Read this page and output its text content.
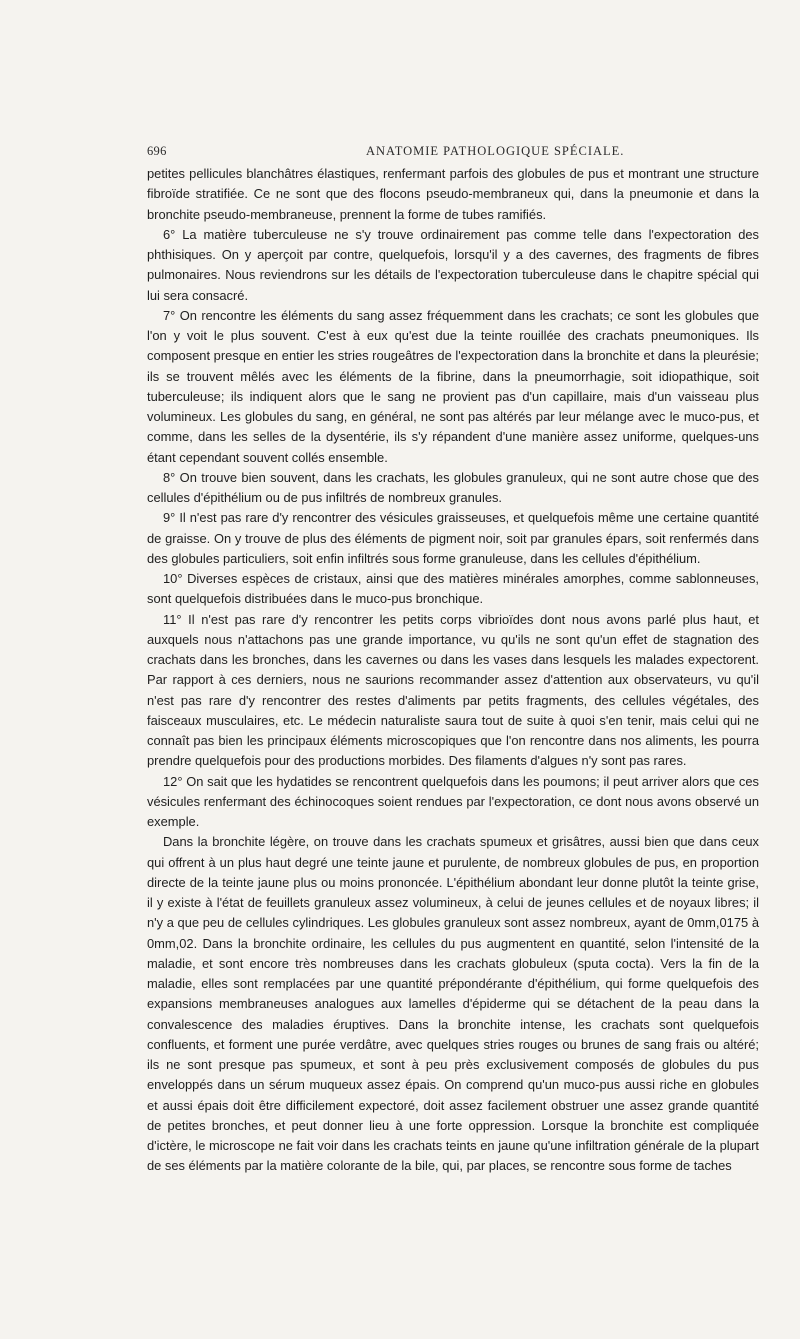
696	ANATOMIE PATHOLOGIQUE SPÉCIALE.

petites pellicules blanchâtres élastiques, renfermant parfois des globules de pus et montrant une structure fibroïde stratifiée. Ce ne sont que des flocons pseudo-membraneux qui, dans la pneumonie et dans la bronchite pseudo-membraneuse, prennent la forme de tubes ramifiés.

6° La matière tuberculeuse ne s'y trouve ordinairement pas comme telle dans l'expectoration des phthisiques. On y aperçoit par contre, quelquefois, lorsqu'il y a des cavernes, des fragments de fibres pulmonaires. Nous reviendrons sur les détails de l'expectoration tuberculeuse dans le chapitre spécial qui lui sera consacré.

7° On rencontre les éléments du sang assez fréquemment dans les crachats; ce sont les globules que l'on y voit le plus souvent. C'est à eux qu'est due la teinte rouillée des crachats pneumoniques. Ils composent presque en entier les stries rougeâtres de l'expectoration dans la bronchite et dans la pleurésie; ils se trouvent mêlés avec les éléments de la fibrine, dans la pneumorrhagie, soit idiopathique, soit tuberculeuse; ils indiquent alors que le sang ne provient pas d'un capillaire, mais d'un vaisseau plus volumineux. Les globules du sang, en général, ne sont pas altérés par leur mélange avec le muco-pus, et comme, dans les selles de la dysentérie, ils s'y répandent d'une manière assez uniforme, quelques-uns étant cependant souvent collés ensemble.

8° On trouve bien souvent, dans les crachats, les globules granuleux, qui ne sont autre chose que des cellules d'épithélium ou de pus infiltrés de nombreux granules.

9° Il n'est pas rare d'y rencontrer des vésicules graisseuses, et quelquefois même une certaine quantité de graisse. On y trouve de plus des éléments de pigment noir, soit par granules épars, soit renfermés dans des globules particuliers, soit enfin infiltrés sous forme granuleuse, dans les cellules d'épithélium.

10° Diverses espèces de cristaux, ainsi que des matières minérales amorphes, comme sablonneuses, sont quelquefois distribuées dans le muco-pus bronchique.

11° Il n'est pas rare d'y rencontrer les petits corps vibrioïdes dont nous avons parlé plus haut, et auxquels nous n'attachons pas une grande importance, vu qu'ils ne sont qu'un effet de stagnation des crachats dans les bronches, dans les cavernes ou dans les vases dans lesquels les malades expectorent. Par rapport à ces derniers, nous ne saurions recommander assez d'attention aux observateurs, vu qu'il n'est pas rare d'y rencontrer des restes d'aliments par petits fragments, des cellules végétales, des faisceaux musculaires, etc. Le médecin naturaliste saura tout de suite à quoi s'en tenir, mais celui qui ne connaît pas bien les principaux éléments microscopiques que l'on rencontre dans nos aliments, les pourra prendre quelquefois pour des productions morbides. Des filaments d'algues n'y sont pas rares.

12° On sait que les hydatides se rencontrent quelquefois dans les poumons; il peut arriver alors que ces vésicules renfermant des échinocoques soient rendues par l'expectoration, ce dont nous avons observé un exemple.

Dans la bronchite légère, on trouve dans les crachats spumeux et grisâtres, aussi bien que dans ceux qui offrent à un plus haut degré une teinte jaune et purulente, de nombreux globules de pus, en proportion directe de la teinte jaune plus ou moins prononcée. L'épithélium abondant leur donne plutôt la teinte grise, il y existe à l'état de feuillets granuleux assez volumineux, à celui de jeunes cellules et de noyaux libres; il n'y a que peu de cellules cylindriques. Les globules granuleux sont assez nombreux, ayant de 0mm,0175 à 0mm,02. Dans la bronchite ordinaire, les cellules du pus augmentent en quantité, selon l'intensité de la maladie, et sont encore très nombreuses dans les crachats globuleux (sputa cocta). Vers la fin de la maladie, elles sont remplacées par une quantité prépondérante d'épithélium, qui forme quelquefois des expansions membraneuses analogues aux lamelles d'épiderme qui se détachent de la peau dans la convalescence des maladies éruptives. Dans la bronchite intense, les crachats sont quelquefois confluents, et forment une purée verdâtre, avec quelques stries rouges ou brunes de sang frais ou altéré; ils ne sont presque pas spumeux, et sont à peu près exclusivement composés de globules du pus enveloppés dans un sérum muqueux assez épais. On comprend qu'un muco-pus aussi riche en globules et aussi épais doit être difficilement expectoré, doit assez facilement obstruer une assez grande quantité de petites bronches, et peut donner lieu à une forte oppression. Lorsque la bronchite est compliquée d'ictère, le microscope ne fait voir dans les crachats teints en jaune qu'une infiltration générale de la plupart de ses éléments par la matière colorante de la bile, qui, par places, se rencontre sous forme de taches
